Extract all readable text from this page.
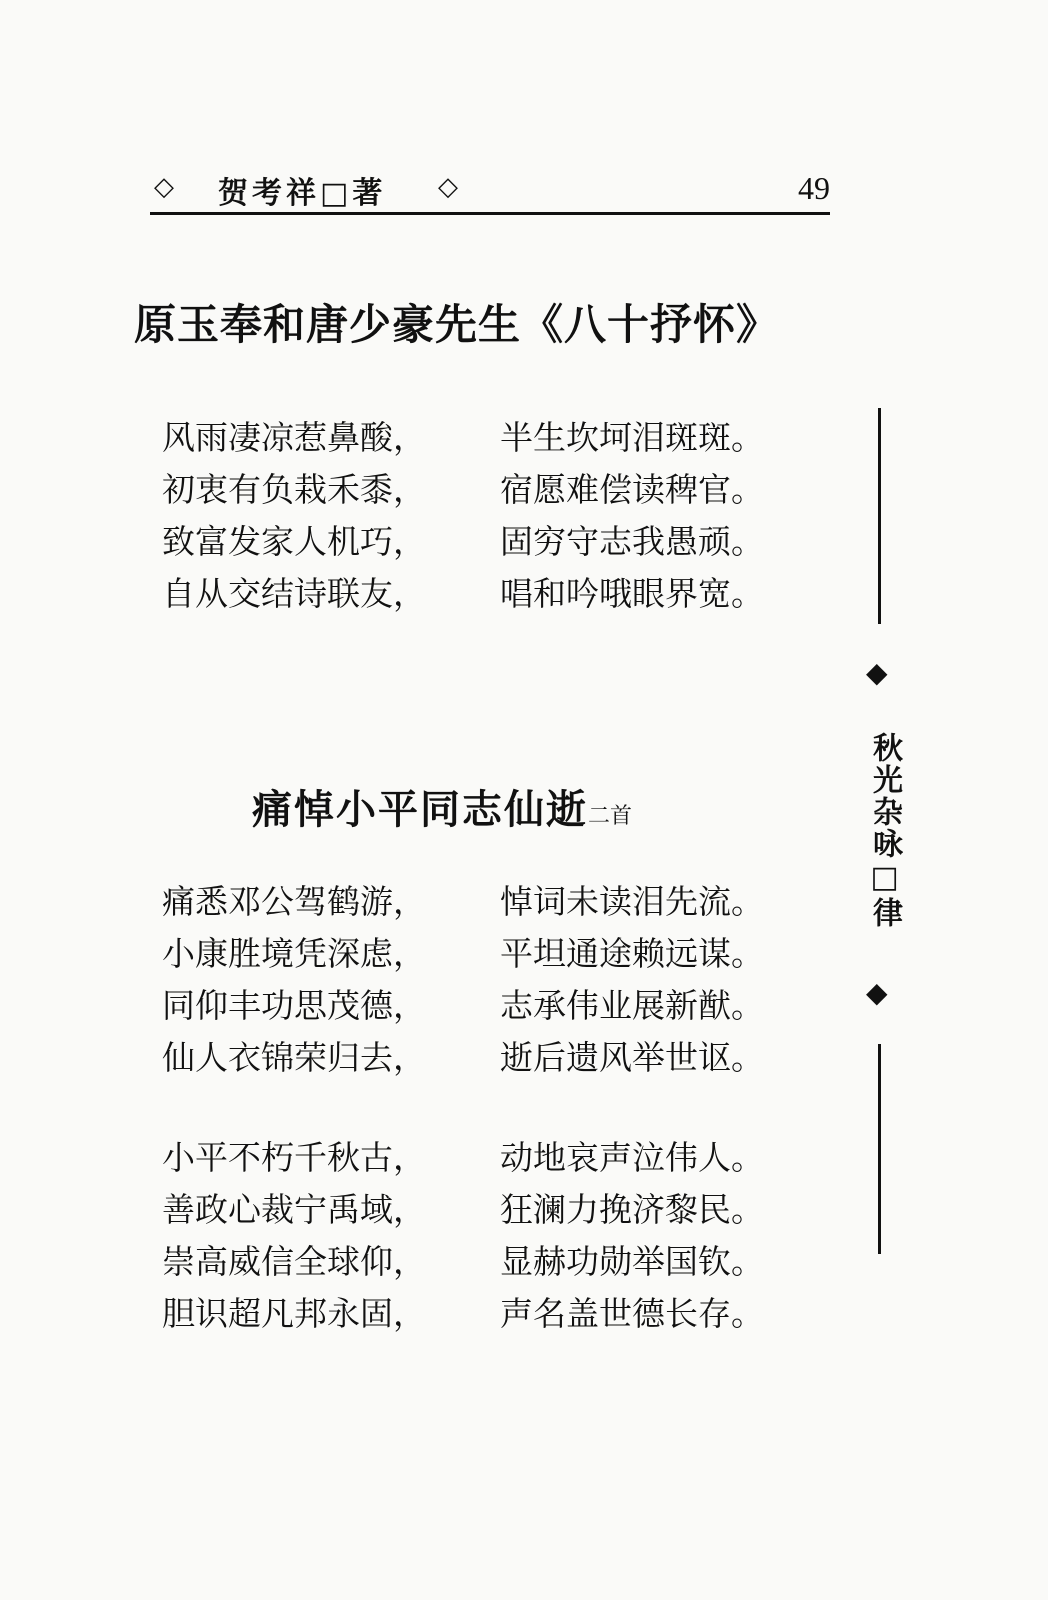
◇ 贺考祥□著 ◇	49
原玉奉和唐少豪先生《八十抒怀》
风雨凄凉惹鼻酸， 半生坎坷泪斑斑。
初衷有负栽禾黍， 宿愿难偿读稗官。
致富发家人机巧， 固穷守志我愚顽。
自从交结诗联友， 唱和吟哦眼界宽。
痛悼小平同志仙逝二首
痛悉邓公驾鹤游， 悼词未读泪先流。
小康胜境凭深虑， 平坦通途赖远谋。
同仰丰功思茂德， 志承伟业展新猷。
仙人衣锦荣归去， 逝后遗风举世讴。
小平不朽千秋古， 动地哀声泣伟人。
善政心裁宁禹域， 狂澜力挽济黎民。
崇高威信全球仰， 显赫功勋举国钦。
胆识超凡邦永固， 声名盖世德长存。
◆
秋光杂咏□律
◆
